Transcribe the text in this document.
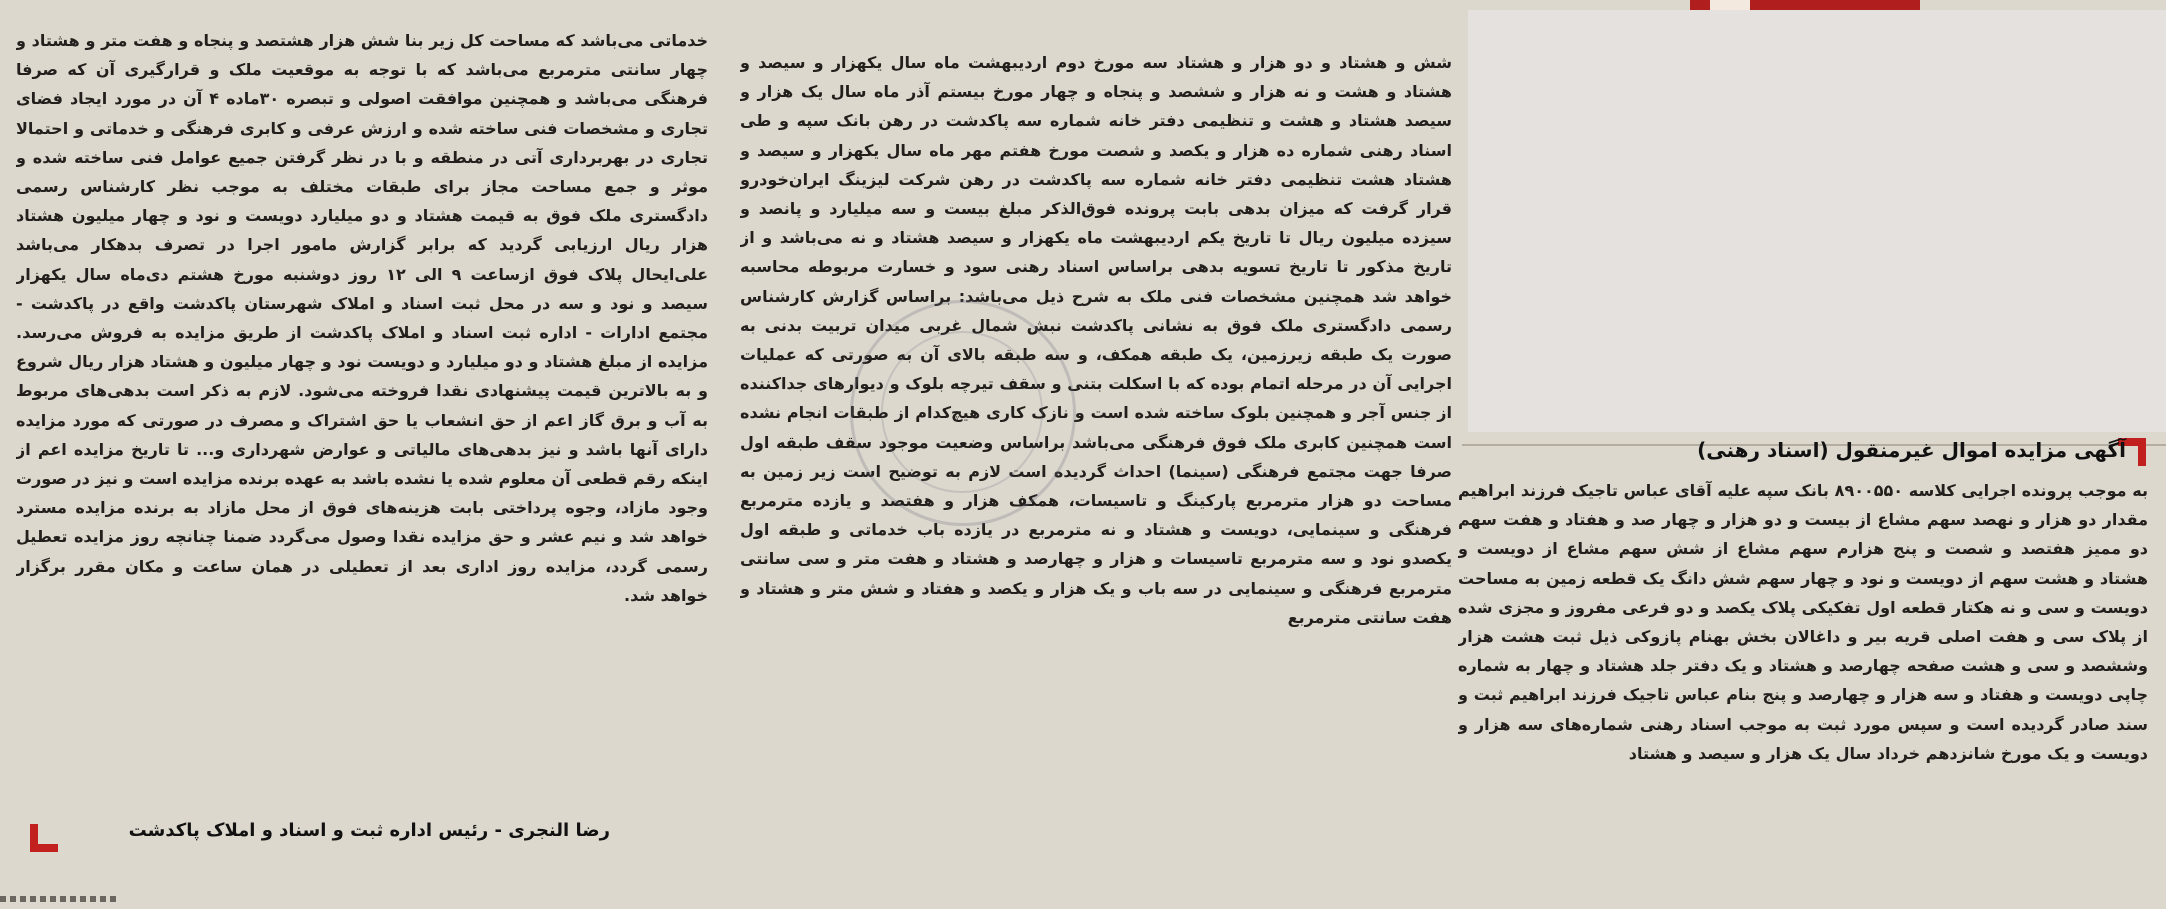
آگهی مزایده اموال غیرمنقول (اسناد رهنی)

به موجب پرونده اجرایی کلاسه ۸۹۰۰۵۵۰ بانک سپه علیه آقای عباس تاجیک فرزند ابراهیم مقدار دو هزار و نهصد سهم مشاع از بیست و دو هزار و چهار صد و هفتاد و هفت سهم دو ممیز هفتصد و شصت و پنج هزارم سهم مشاع از شش سهم مشاع از دویست و هشتاد و هشت سهم از دویست و نود و چهار سهم شش دانگ یک قطعه زمین به مساحت دویست و سی و نه هکتار قطعه اول تفکیکی پلاک یکصد و دو فرعی مفروز و مجزی شده از پلاک سی و هفت اصلی قریه بیر و داغالان بخش بهنام پازوکی ذیل ثبت هشت هزار وششصد و سی و هشت صفحه چهارصد و هشتاد و یک دفتر جلد هشتاد و چهار به شماره چاپی دویست و هفتاد و سه هزار و چهارصد و پنج بنام عباس تاجیک فرزند ابراهیم ثبت و سند صادر گردیده است و سپس مورد ثبت به موجب اسناد رهنی شماره‌های سه هزار و دویست و یک مورخ شانزدهم خرداد سال یک هزار و سیصد و هشتاد

شش و هشتاد و دو هزار و هشتاد سه مورخ دوم اردیبهشت ماه سال یکهزار و سیصد و هشتاد و هشت و نه هزار و ششصد و پنجاه و چهار مورخ بیستم آذر ماه سال یک هزار و سیصد هشتاد و هشت و تنظیمی دفتر خانه شماره سه پاکدشت در رهن بانک سپه و طی اسناد رهنی شماره ده هزار و یکصد و شصت مورخ هفتم مهر ماه سال یکهزار و سیصد و هشتاد هشت تنظیمی دفتر خانه شماره سه پاکدشت در رهن شرکت لیزینگ ایران‌خودرو قرار گرفت که میزان بدهی بابت پرونده فوق‌الذکر مبلغ بیست و سه میلیارد و پانصد و سیزده میلیون ریال تا تاریخ یکم اردیبهشت ماه یکهزار و سیصد هشتاد و نه می‌باشد و از تاریخ مذکور تا تاریخ تسویه بدهی براساس اسناد رهنی سود و خسارت مربوطه محاسبه خواهد شد همچنین مشخصات فنی ملک به شرح ذیل می‌باشد: براساس گزارش کارشناس رسمی دادگستری ملک فوق به نشانی پاکدشت نبش شمال غربی میدان تربیت بدنی به صورت یک طبقه زیرزمین، یک طبقه همکف، و سه طبقه بالای آن به صورتی که عملیات اجرایی آن در مرحله اتمام بوده که با اسکلت بتنی و سقف تیرچه بلوک و دیوارهای جداکننده از جنس آجر و همچنین بلوک ساخته شده است و نازک کاری هیچ‌کدام از طبقات انجام نشده است همچنین کابری ملک فوق فرهنگی می‌باشد براساس وضعیت موجود سقف طبقه اول صرفا جهت مجتمع فرهنگی (سینما) احداث گردیده است لازم به توضیح است زیر زمین به مساحت دو هزار مترمربع پارکینگ و تاسیسات، همکف هزار و هفتصد و یازده مترمربع فرهنگی و سینمایی، دویست و هشتاد و نه مترمربع در یازده باب خدماتی و طبقه اول یکصدو نود و سه مترمربع تاسیسات و هزار و چهارصد و هشتاد و هفت متر و سی سانتی مترمربع فرهنگی و سینمایی در سه باب و یک هزار و یکصد و هفتاد و شش متر و هشتاد و هفت سانتی مترمربع

خدماتی می‌باشد که مساحت کل زیر بنا شش هزار هشتصد و پنجاه و هفت متر و هشتاد و چهار سانتی مترمربع می‌باشد که با توجه به موقعیت ملک و قرارگیری آن که صرفا فرهنگی می‌باشد و همچنین موافقت اصولی و تبصره ۳۰ماده ۴ آن در مورد ایجاد فضای تجاری و مشخصات فنی ساخته شده و ارزش عرفی و کابری فرهنگی و خدماتی و احتمالا تجاری در بهربرداری آتی در منطقه و با در نظر گرفتن جمیع عوامل فنی ساخته شده و موثر و جمع مساحت مجاز برای طبقات مختلف به موجب نظر کارشناس رسمی دادگستری ملک فوق به قیمت هشتاد و دو میلیارد دویست و نود و چهار میلیون هشتاد هزار ریال ارزیابی گردید که برابر گزارش مامور اجرا در تصرف بدهکار می‌باشد علی‌ایحال پلاک فوق ازساعت ۹ الی ۱۲ روز دوشنبه مورخ هشتم دی‌ماه سال یکهزار سیصد و نود و سه در محل ثبت اسناد و املاک شهرستان پاکدشت واقع در پاکدشت - مجتمع ادارات - اداره ثبت اسناد و املاک پاکدشت از طریق مزایده به فروش می‌رسد. مزایده از مبلغ هشتاد و دو میلیارد و دویست نود و چهار میلیون و هشتاد هزار ریال شروع و به بالاترین قیمت پیشنهادی نقدا فروخته می‌شود. لازم به ذکر است بدهی‌های مربوط به آب و برق گاز اعم از حق انشعاب یا حق اشتراک و مصرف در صورتی که مورد مزایده دارای آنها باشد و نیز بدهی‌های مالیاتی و عوارض شهرداری و... تا تاریخ مزایده اعم از اینکه رقم قطعی آن معلوم شده یا نشده باشد به عهده برنده مزایده است و نیز در صورت وجود مازاد، وجوه پرداختی بابت هزینه‌های فوق از محل مازاد به برنده مزایده مسترد خواهد شد و نیم عشر و حق مزایده نقدا وصول می‌گردد ضمنا چنانچه روز مزایده تعطیل رسمی گردد، مزایده روز اداری بعد از تعطیلی در همان ساعت و مکان مقرر برگزار خواهد شد.

رضا النجری - رئیس اداره ثبت و اسناد و املاک پاکدشت
